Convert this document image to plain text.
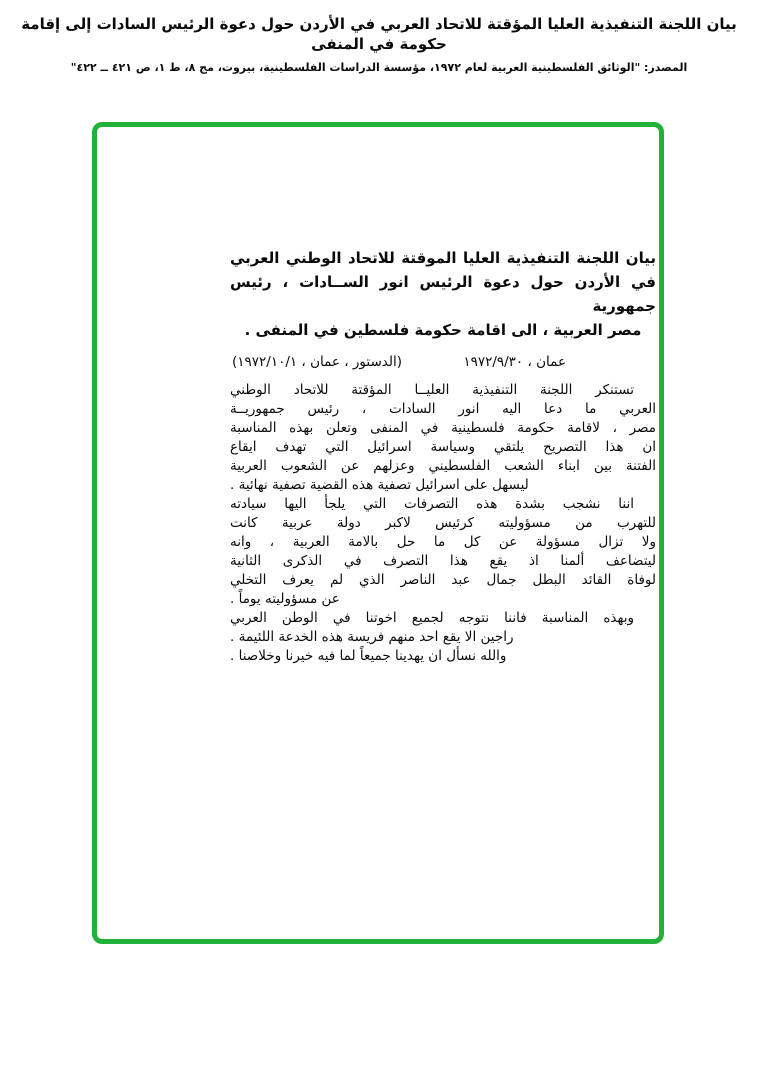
بيان اللجنة التنفيذية العليا المؤقتة للاتحاد العربي في الأردن حول دعوة الرئيس السادات إلى إقامة حكومة في المنفى
المصدر: "الوثائق الفلسطينية العربية لعام ١٩٧٢، مؤسسة الدراسات الفلسطينية، بيروت، مج ٨، ط ١، ص ٤٢١ ــ ٤٢٢"
بيان اللجنة التنفيذية العليا الموقتة للاتحاد الوطني العربي
في الأردن حول دعوة الرئيس انور الســادات ، رئيس جمهورية
مصر العربية ، الى اقامة حكومة فلسطين في المنفى .
عمان ، ١٩٧٢/٩/٣٠
(الدستور ، عمان ، ١٩٧٢/١٠/١)
تستنكر اللجنة التنفيذية العليــا المؤقتة للاتحاد الوطني
العربي ما دعا اليه انور السادات ، رئيس جمهوريــة
مصر ، لاقامة حكومة فلسطينية في المنفى وتعلن بهذه المناسبة
ان هذا التصريح يلتقي وسياسة اسرائيل التي تهدف ايقاع
الفتنة بين ابناء الشعب الفلسطيني وعزلهم عن الشعوب العربية
ليسهل على اسرائيل تصفية هذه القضية تصفية نهائية .
اننا نشجب بشدة هذه التصرفات التي يلجأ اليها سيادته
للتهرب من مسؤوليته كرئيس لاكبر دولة عربية كانت
ولا تزال مسؤولة عن كل ما حل بالامة العربية ، وانه
ليتضاعف ألمنا اذ يقع هذا التصرف في الذكرى الثانية
لوفاة القائد البطل جمال عبد الناصر الذي لم يعرف التخلي
عن مسؤوليته يوماً .
وبهذه المناسبة فاننا نتوجه لجميع اخوتنا في الوطن العربي
راجين الا يقع احد منهم فريسة هذه الخدعة اللئيمة .
والله نسأل ان يهدينا جميعاً لما فيه خيرنا وخلاصنا .
